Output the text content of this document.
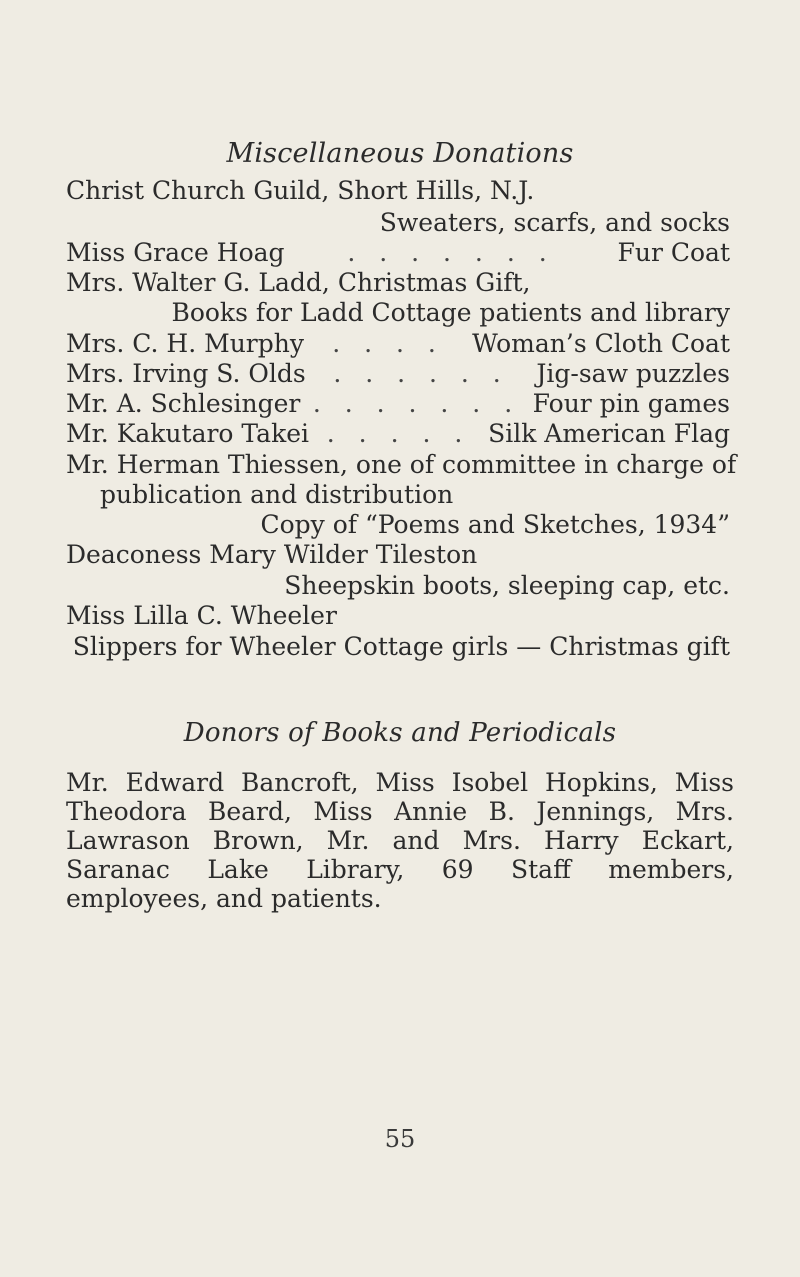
Miscellaneous Donations
Christ Church Guild, Short Hills, N.J.
Sweaters, scarfs, and socks
Miss Grace Hoag	. . . . . . .	Fur Coat
Mrs. Walter G. Ladd, Christmas Gift,
Books for Ladd Cottage patients and library
Mrs. C. H. Murphy	. . . .	Woman’s Cloth Coat
Mrs. Irving S. Olds	. . . . . .	Jig-saw puzzles
Mr. A. Schlesinger . . . . . . . Four pin games
Mr. Kakutaro Takei . . . . . Silk American Flag
Mr. Herman Thiessen, one of committee in charge of
publication and distribution
Copy of “Poems and Sketches, 1934”
Deaconess Mary Wilder Tileston
Sheepskin boots, sleeping cap, etc.
Miss Lilla C. Wheeler
Slippers for Wheeler Cottage girls — Christmas gift
Donors of Books and Periodicals
Mr. Edward Bancroft, Miss Isobel Hopkins, Miss Theodora Beard, Miss Annie B. Jennings, Mrs. Lawrason Brown, Mr. and Mrs. Harry Eckart, Saranac Lake Library, 69 Staff members, employees, and patients.
55
